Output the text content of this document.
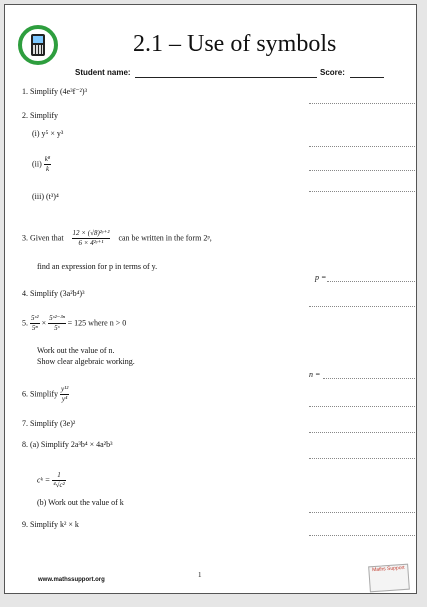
2.1 – Use of symbols
Student name:	Score:
1. Simplify (4e³f⁻²)³
2. Simplify
(i) y⁵ × y³
$(ii) \frac{\text{k⁸}}{k}$
(iii) (t³)⁴
3. Given that $\frac{\text{12 × (√8)²ʸ⁺²}}{\text{6 × 4²ʸ⁺¹}}$ can be written in the form 2ᵖ,
find an expression for p in terms of y.
p =
4. Simplify (3a²b⁴)³
5. $\frac{\text{5ˣ²}}{\text{5ⁿ}} \times \frac{\text{5ˣ²⁻³ⁿ}}{\text{5ˣ}} = 125$ where n > 0
Work out the value of n.
Show clear algebraic working.
n =
6. Simplify $\frac{\text{y¹²}}{\text{y⁴}}$
7. Simplify (3e)²
8. (a) Simplify 2a³b⁴ × 4a²b³
cᵏ = $\frac{1}{\text{⁴√c²}}$
(b) Work out the value of k
9. Simplify k² × k
1
www.mathssupport.org
Maths Support
